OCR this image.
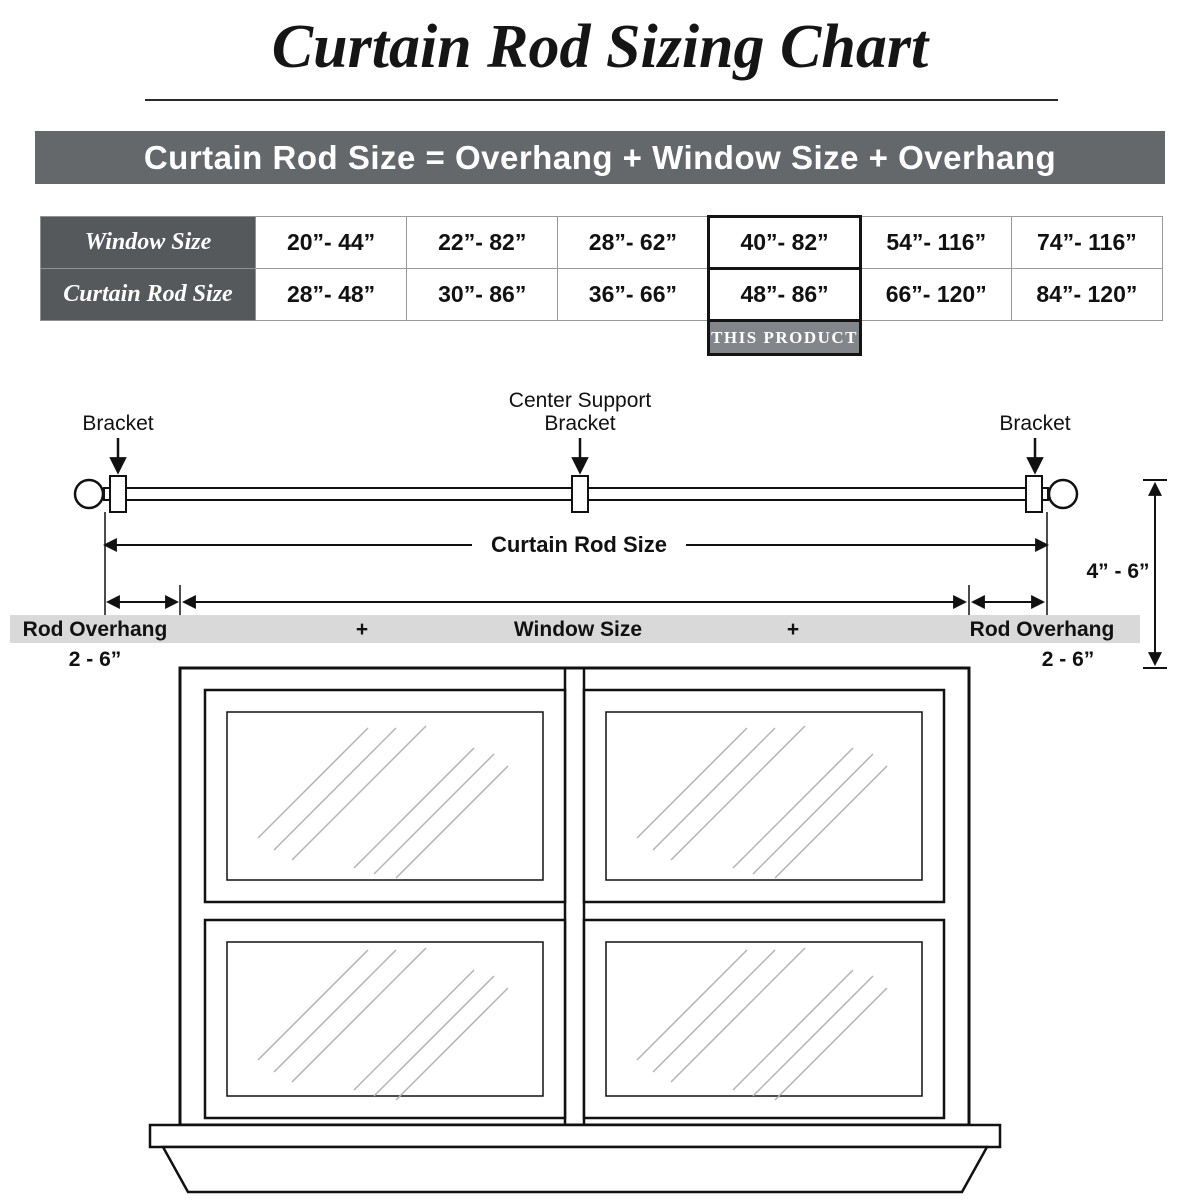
Curtain Rod Sizing Chart
Curtain Rod Size = Overhang + Window Size + Overhang
Window Size	20”- 44”	22”- 82”	28”- 62”	40”- 82”	54”- 116”	74”- 116”
Curtain Rod Size	28”- 48”	30”- 86”	36”- 66”	48”- 86”	66”- 120”	84”- 120”
				THIS PRODUCT		
Bracket
Center Support
Bracket	Bracket
Curtain Rod Size
Rod Overhang	+	Window Size	+	Rod Overhang
2 - 6”	2 - 6”
4” - 6”
